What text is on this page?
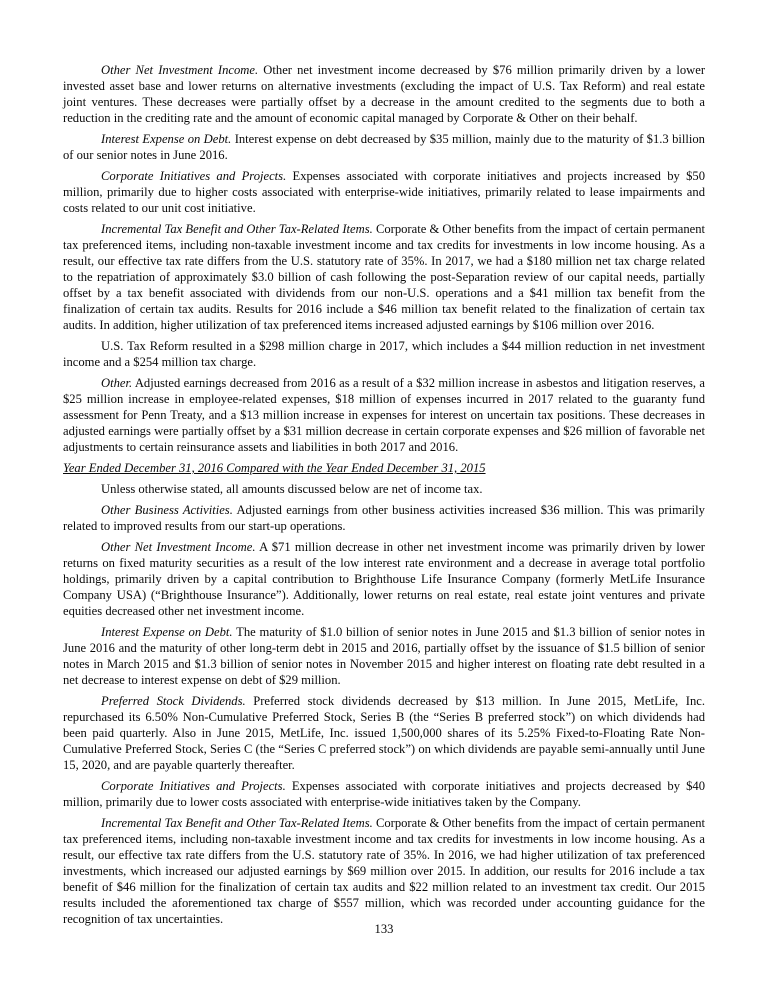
Other Net Investment Income. Other net investment income decreased by $76 million primarily driven by a lower invested asset base and lower returns on alternative investments (excluding the impact of U.S. Tax Reform) and real estate joint ventures. These decreases were partially offset by a decrease in the amount credited to the segments due to both a reduction in the crediting rate and the amount of economic capital managed by Corporate & Other on their behalf.

Interest Expense on Debt. Interest expense on debt decreased by $35 million, mainly due to the maturity of $1.3 billion of our senior notes in June 2016.

Corporate Initiatives and Projects. Expenses associated with corporate initiatives and projects increased by $50 million, primarily due to higher costs associated with enterprise-wide initiatives, primarily related to lease impairments and costs related to our unit cost initiative.

Incremental Tax Benefit and Other Tax-Related Items. Corporate & Other benefits from the impact of certain permanent tax preferenced items, including non-taxable investment income and tax credits for investments in low income housing. As a result, our effective tax rate differs from the U.S. statutory rate of 35%. In 2017, we had a $180 million net tax charge related to the repatriation of approximately $3.0 billion of cash following the post-Separation review of our capital needs, partially offset by a tax benefit associated with dividends from our non-U.S. operations and a $41 million tax benefit from the finalization of certain tax audits. Results for 2016 include a $46 million tax benefit related to the finalization of certain tax audits. In addition, higher utilization of tax preferenced items increased adjusted earnings by $106 million over 2016.

U.S. Tax Reform resulted in a $298 million charge in 2017, which includes a $44 million reduction in net investment income and a $254 million tax charge.

Other. Adjusted earnings decreased from 2016 as a result of a $32 million increase in asbestos and litigation reserves, a $25 million increase in employee-related expenses, $18 million of expenses incurred in 2017 related to the guaranty fund assessment for Penn Treaty, and a $13 million increase in expenses for interest on uncertain tax positions. These decreases in adjusted earnings were partially offset by a $31 million decrease in certain corporate expenses and $26 million of favorable net adjustments to certain reinsurance assets and liabilities in both 2017 and 2016.

Year Ended December 31, 2016 Compared with the Year Ended December 31, 2015

Unless otherwise stated, all amounts discussed below are net of income tax.

Other Business Activities. Adjusted earnings from other business activities increased $36 million. This was primarily related to improved results from our start-up operations.

Other Net Investment Income. A $71 million decrease in other net investment income was primarily driven by lower returns on fixed maturity securities as a result of the low interest rate environment and a decrease in average total portfolio holdings, primarily driven by a capital contribution to Brighthouse Life Insurance Company (formerly MetLife Insurance Company USA) (“Brighthouse Insurance”). Additionally, lower returns on real estate, real estate joint ventures and private equities decreased other net investment income.

Interest Expense on Debt. The maturity of $1.0 billion of senior notes in June 2015 and $1.3 billion of senior notes in June 2016 and the maturity of other long-term debt in 2015 and 2016, partially offset by the issuance of $1.5 billion of senior notes in March 2015 and $1.3 billion of senior notes in November 2015 and higher interest on floating rate debt resulted in a net decrease to interest expense on debt of $29 million.

Preferred Stock Dividends. Preferred stock dividends decreased by $13 million. In June 2015, MetLife, Inc. repurchased its 6.50% Non-Cumulative Preferred Stock, Series B (the “Series B preferred stock”) on which dividends had been paid quarterly. Also in June 2015, MetLife, Inc. issued 1,500,000 shares of its 5.25% Fixed-to-Floating Rate Non-Cumulative Preferred Stock, Series C (the “Series C preferred stock”) on which dividends are payable semi-annually until June 15, 2020, and are payable quarterly thereafter.

Corporate Initiatives and Projects. Expenses associated with corporate initiatives and projects decreased by $40 million, primarily due to lower costs associated with enterprise-wide initiatives taken by the Company.

Incremental Tax Benefit and Other Tax-Related Items. Corporate & Other benefits from the impact of certain permanent tax preferenced items, including non-taxable investment income and tax credits for investments in low income housing. As a result, our effective tax rate differs from the U.S. statutory rate of 35%. In 2016, we had higher utilization of tax preferenced investments, which increased our adjusted earnings by $69 million over 2015. In addition, our results for 2016 include a tax benefit of $46 million for the finalization of certain tax audits and $22 million related to an investment tax credit. Our 2015 results included the aforementioned tax charge of $557 million, which was recorded under accounting guidance for the recognition of tax uncertainties.

133
